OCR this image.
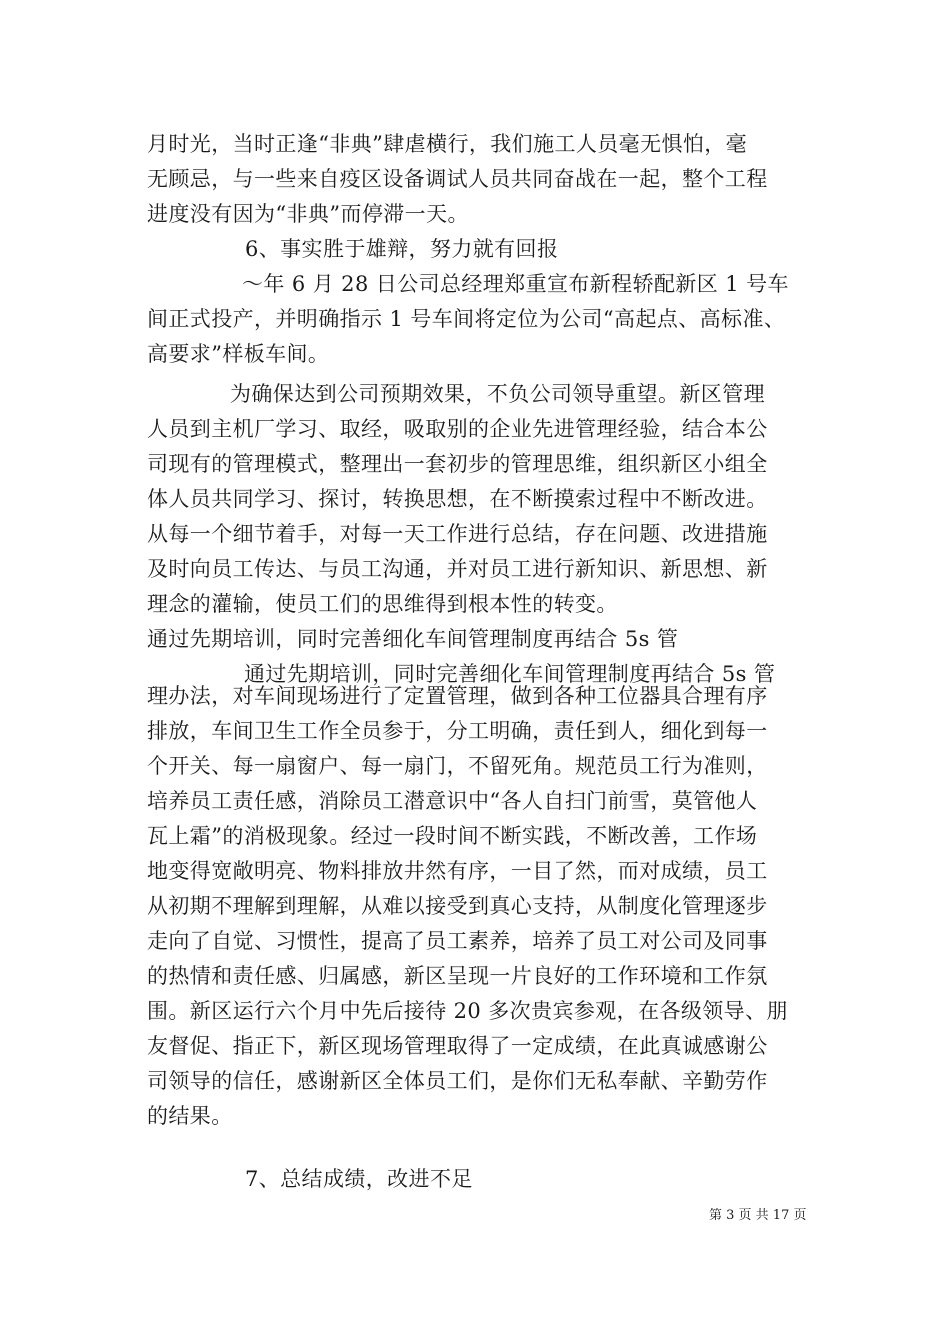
月时光，当时正逢“非典”肆虐横行，我们施工人员毫无惧怕，毫
无顾忌，与一些来自疫区设备调试人员共同奋战在一起，整个工程
进度没有因为“非典”而停滞一天。
6、事实胜于雄辩，努力就有回报
～年 6 月 28 日公司总经理郑重宣布新程轿配新区 1 号车
间正式投产，并明确指示 1 号车间将定位为公司“高起点、高标准、
高要求”样板车间。
为确保达到公司预期效果，不负公司领导重望。新区管理
人员到主机厂学习、取经，吸取别的企业先进管理经验，结合本公
司现有的管理模式，整理出一套初步的管理思维，组织新区小组全
体人员共同学习、探讨，转换思想，在不断摸索过程中不断改进。
从每一个细节着手，对每一天工作进行总结，存在问题、改进措施
及时向员工传达、与员工沟通，并对员工进行新知识、新思想、新
理念的灌输，使员工们的思维得到根本性的转变。
通过先期培训，同时完善细化车间管理制度再结合 5s 管
通过先期培训，同时完善细化车间管理制度再结合 5s 管
理办法，对车间现场进行了定置管理，做到各种工位器具合理有序
排放，车间卫生工作全员参于，分工明确，责任到人，细化到每一
个开关、每一扇窗户、每一扇门，不留死角。规范员工行为准则，
培养员工责任感，消除员工潜意识中“各人自扫门前雪，莫管他人
瓦上霜”的消极现象。经过一段时间不断实践，不断改善，工作场
地变得宽敞明亮、物料排放井然有序，一目了然，而对成绩，员工
从初期不理解到理解，从难以接受到真心支持，从制度化管理逐步
走向了自觉、习惯性，提高了员工素养，培养了员工对公司及同事
的热情和责任感、归属感，新区呈现一片良好的工作环境和工作氛
围。新区运行六个月中先后接待 20 多次贵宾参观，在各级领导、朋
友督促、指正下，新区现场管理取得了一定成绩，在此真诚感谢公
司领导的信任，感谢新区全体员工们，是你们无私奉献、辛勤劳作
的结果。
7、总结成绩，改进不足
第 3 页 共 17 页
